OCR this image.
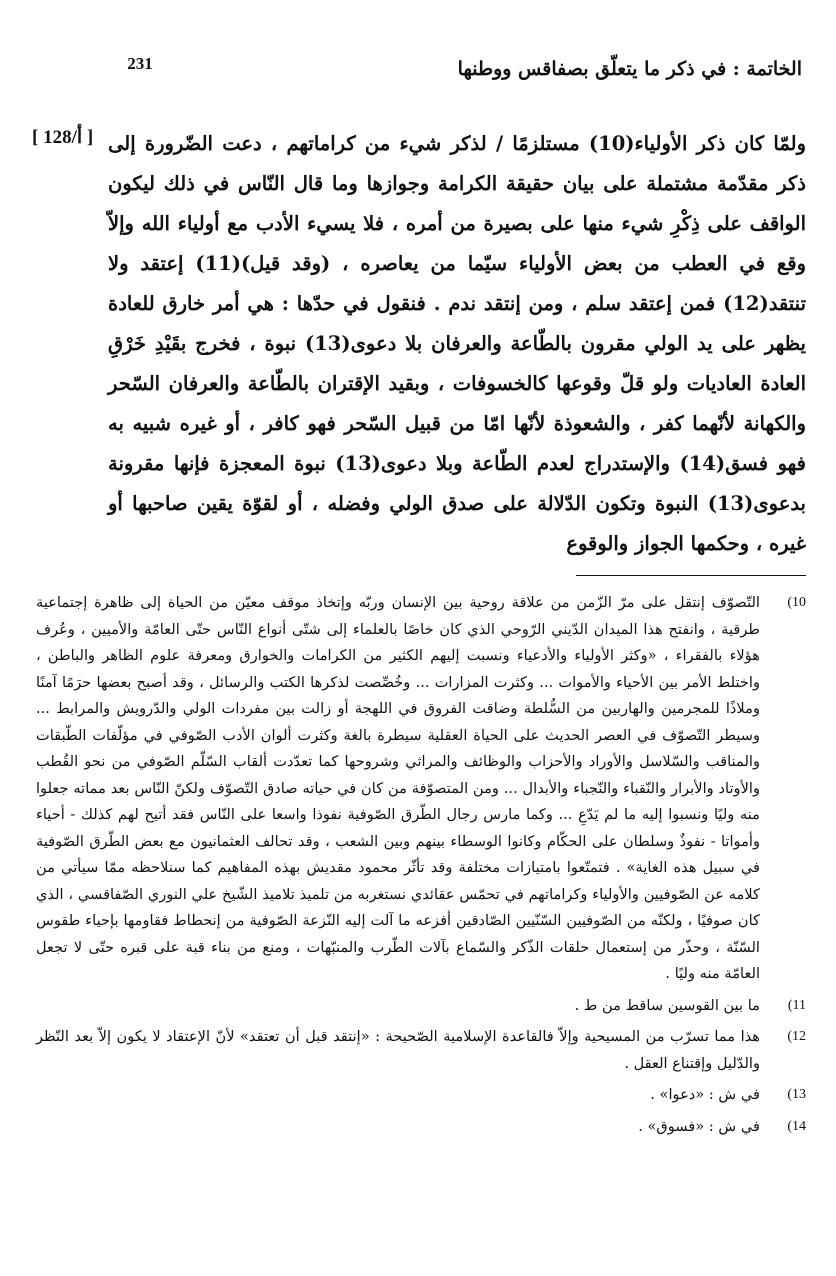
231	الخاتمة : في ذكر ما يتعلّق بصفاقس ووطنها
[ 128/أ ] ولمّا كان ذكر الأولياء(10) مستلزمًا / لذكر شيء من كراماتهم ، دعت الضّرورة إلى ذكر مقدّمة مشتملة على بيان حقيقة الكرامة وجوازها وما قال النّاس في ذلك ليكون الواقف على ذِكْرِ شيء منها على بصيرة من أمره ، فلا يسيء الأدب مع أولياء الله وإلاّ وقع في العطب من بعض الأولياء سيّما من يعاصره ، (وقد قيل)(11) إعتقد ولا تنتقد(12) فمن إعتقد سلم ، ومن إنتقد ندم . فنقول في حدّها : هي أمر خارق للعادة يظهر على يد الولي مقرون بالطّاعة والعرفان بلا دعوى(13) نبوة ، فخرج بقَيْدِ خَرْقِ العادة العاديات ولو قلّ وقوعها كالخسوفات ، وبقيد الإقتران بالطّاعة والعرفان السّحر والكهانة لأنّهما كفر ، والشعوذة لأنّها امّا من قبيل السّحر فهو كافر ، أو غيره شبيه به فهو فسق(14) والإستدراج لعدم الطّاعة وبلا دعوى(13) نبوة المعجزة فإنها مقرونة بدعوى(13) النبوة وتكون الدّلالة على صدق الولي وفضله ، أو لقوّة يقين صاحبها أو غيره ، وحكمها الجواز والوقوع

10)
التّصوّف إنتقل على مرّ الزّمن من علاقة روحية بين الإنسان وربّه وإتخاذ موقف معيّن من الحياة إلى ظاهرة إجتماعية طرقية ، وانفتح هذا الميدان الدّيني الرّوحي الذي كان خاصًا بالعلماء إلى شتّى أنواع النّاس حتّى العامّة والأميين ، وعُرف هؤلاء بالفقراء ، «وكثر الأولياء والأدعياء ونسبت إليهم الكثير من الكرامات والخوارق ومعرفة علوم الظاهر والباطن ، واختلط الأمر بين الأحياء والأموات ... وكثرت المزارات ... وخُصِّصت لذكرها الكتب والرسائل ، وقد أصبح بعضها حرَمًا آمنًا وملاذًا للمجرمين والهاربين من السُّلطة وضاقت الفروق في اللهجة أو زالت بين مفردات الولي والدّرويش والمرابط ... وسيطر التّصوّف في العصر الحديث على الحياة العقلية سيطرة بالغة وكثرت ألوان الأدب الصّوفي في مؤلّفات الطّبقات والمناقب والسّلاسل والأوراد والأحزاب والوظائف والمراثي وشروحها كما تعدّدت ألقاب السّلّم الصّوفي من نحو القُطب والأوتاد والأبرار والنّقباء والنّجباء والأبدال ... ومن المتصوّفة من كان في حياته صادق التّصوّف ولكنّ النّاس بعد مماته جعلوا منه وليًا ونسبوا إليه ما لم يَدّعِ ... وكما مارس رجال الطّرق الصّوفية نفوذا واسعا على النّاس فقد أتيح لهم كذلك - أحياء وأمواتا - نفوذٌ وسلطان على الحكّام وكانوا الوسطاء بينهم وبين الشعب ، وقد تحالف العثمانيون مع بعض الطّرق الصّوفية في سبيل هذه الغاية» . فتمتّعوا بامتيازات مختلفة وقد تأثّر محمود مقديش بهذه المفاهيم كما سنلاحظه ممّا سيأتي من كلامه عن الصّوفيين والأولياء وكراماتهم في تحمّس عقائدي نستغربه من تلميذ تلاميذ الشّيخ علي النوري الصّفاقسي ، الذي كان صوفيًا ، ولكنّه من الصّوفيين السّنّيين الصّادقين أفزعه ما آلت إليه النّزعة الصّوفية من إنحطاط فقاومها بإحياء طقوس السّنّة ، وحذّر من إستعمال حلقات الذّكر والسّماع بآلات الطّرب والمنبّهات ، ومنع من بناء قبة على قبره حتّى لا تجعل العامّة منه وليًا .

11)
ما بين القوسين ساقط من ط .

12)
هذا مما تسرّب من المسيحية وإلاّ فالقاعدة الإسلامية الصّحيحة : «إنتقد قبل أن تعتقد» لأنّ الإعتقاد لا يكون إلاّ بعد النّظر والدّليل وإقتناع العقل .

13)
في ش : «دعوا» .

14)
في ش : «فسوق» .
